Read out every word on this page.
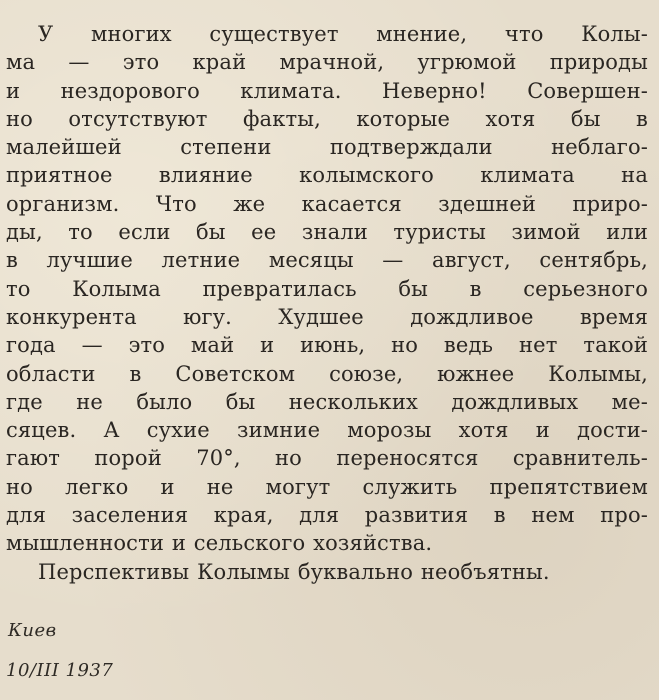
У многих существует мнение, что Колы-
ма — это край мрачной, угрюмой природы
и нездорового климата. Неверно! Совершен-
но отсутствуют факты, которые хотя бы в
малейшей степени подтверждали неблаго-
приятное влияние колымского климата на
организм. Что же касается здешней приро-
ды, то если бы ее знали туристы зимой или
в лучшие летние месяцы — август, сентябрь,
то Колыма превратилась бы в серьезного
конкурента югу. Худшее дождливое время
года — это май и июнь, но ведь нет такой
области в Советском союзе, южнее Колымы,
где не было бы нескольких дождливых ме-
сяцев. А сухие зимние морозы хотя и дости-
гают порой 70°, но переносятся сравнитель-
но легко и не могут служить препятствием
для заселения края, для развития в нем про-
мышленности и сельского хозяйства.

Перспективы Колымы буквально необъятны.

Киев
10/III 1937
